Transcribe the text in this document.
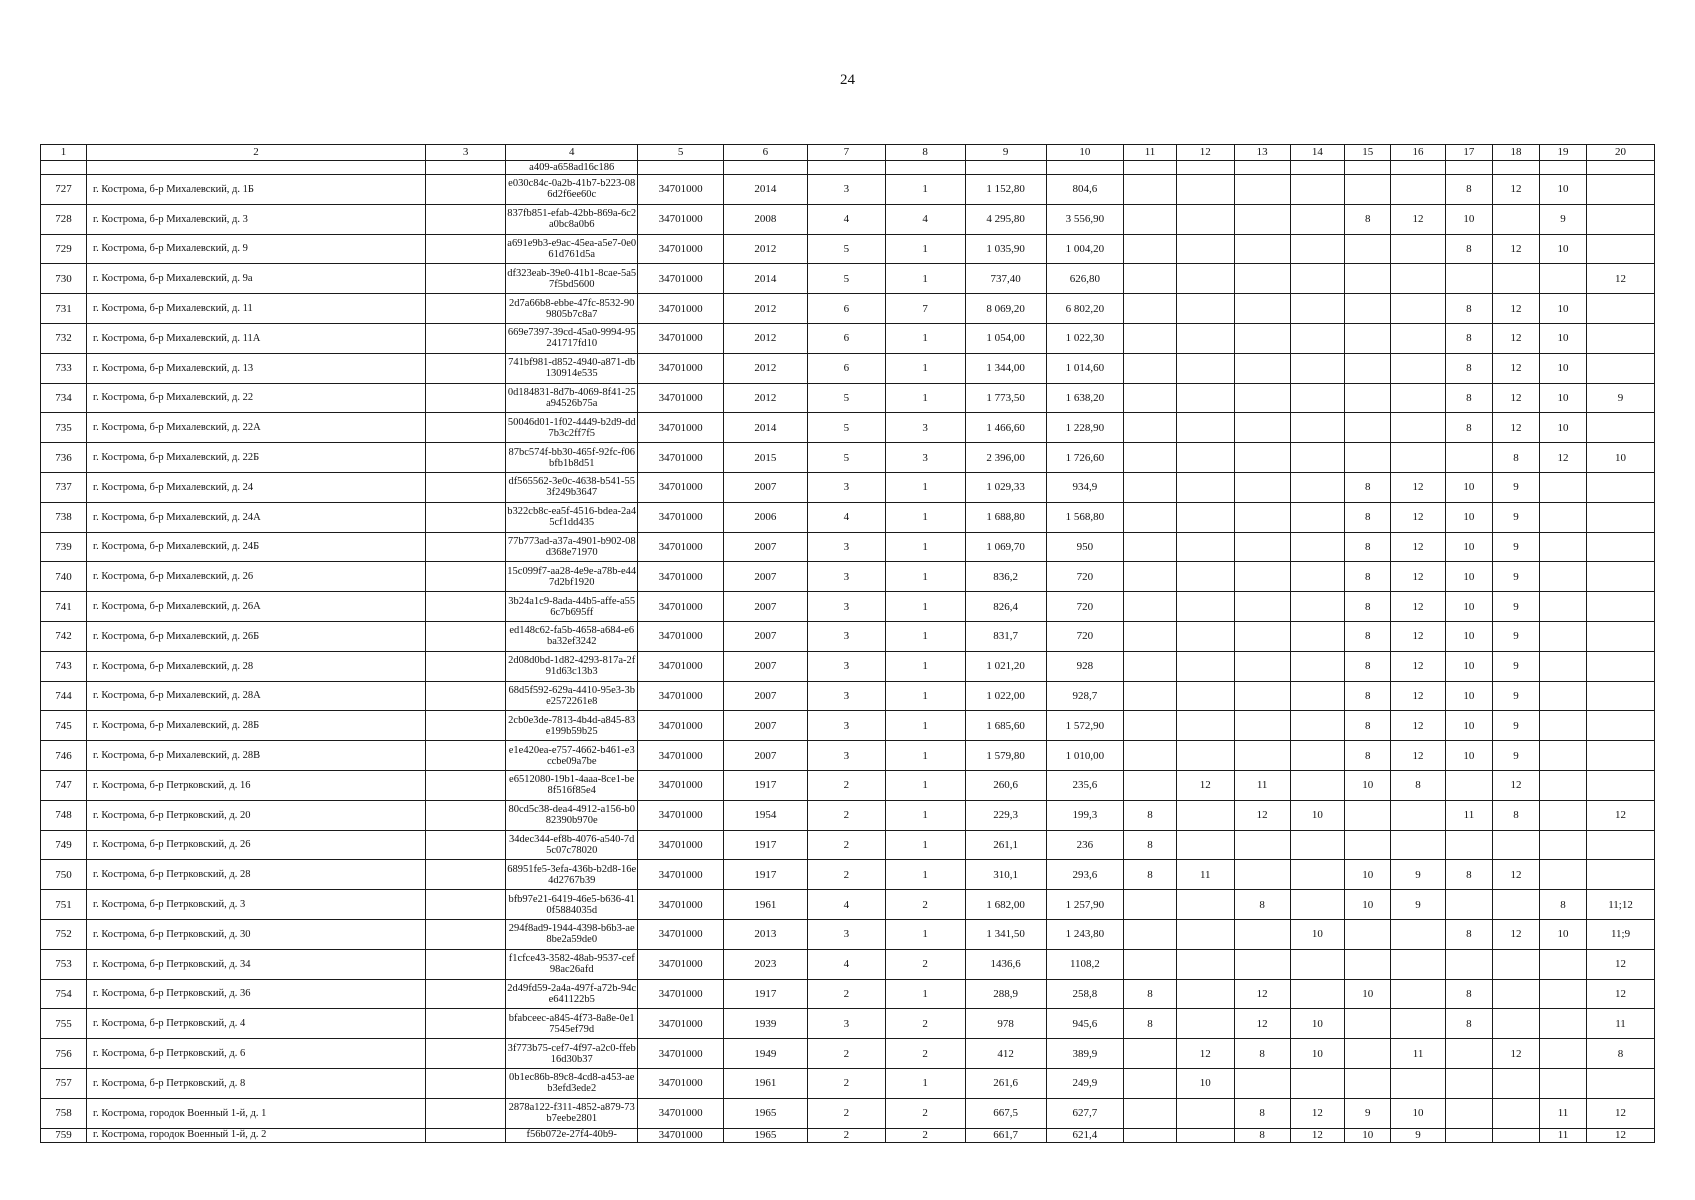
24
1	2	3	4	5	6	7	8	9	10	11	12	13	14	15	16	17	18	19	20
			a409-a658ad16c186																
727	г. Кострома, б-р Михалевский, д. 1Б		e030c84c-0a2b-41b7-b223-086d2f6ee60c	34701000	2014	3	1	1 152,80	804,6							8	12	10	
728	г. Кострома, б-р Михалевский, д. 3		837fb851-efab-42bb-869a-6c2a0bc8a0b6	34701000	2008	4	4	4 295,80	3 556,90					8	12	10		9	
729	г. Кострома, б-р Михалевский, д. 9		a691e9b3-e9ac-45ea-a5e7-0e061d761d5a	34701000	2012	5	1	1 035,90	1 004,20							8	12	10	
730	г. Кострома, б-р Михалевский, д. 9а		df323eab-39e0-41b1-8cae-5a57f5bd5600	34701000	2014	5	1	737,40	626,80										12
731	г. Кострома, б-р Михалевский, д. 11		2d7a66b8-ebbe-47fc-8532-909805b7c8a7	34701000	2012	6	7	8 069,20	6 802,20							8	12	10	
732	г. Кострома, б-р Михалевский, д. 11А		669e7397-39cd-45a0-9994-95241717fd10	34701000	2012	6	1	1 054,00	1 022,30							8	12	10	
733	г. Кострома, б-р Михалевский, д. 13		741bf981-d852-4940-a871-db130914e535	34701000	2012	6	1	1 344,00	1 014,60							8	12	10	
734	г. Кострома, б-р Михалевский, д. 22		0d184831-8d7b-4069-8f41-25a94526b75a	34701000	2012	5	1	1 773,50	1 638,20							8	12	10	9
735	г. Кострома, б-р Михалевский, д. 22А		50046d01-1f02-4449-b2d9-dd7b3c2ff7f5	34701000	2014	5	3	1 466,60	1 228,90							8	12	10	
736	г. Кострома, б-р Михалевский, д. 22Б		87bc574f-bb30-465f-92fc-f06bfb1b8d51	34701000	2015	5	3	2 396,00	1 726,60								8	12	10
737	г. Кострома, б-р Михалевский, д. 24		df565562-3e0c-4638-b541-553f249b3647	34701000	2007	3	1	1 029,33	934,9					8	12	10	9		
738	г. Кострома, б-р Михалевский, д. 24А		b322cb8c-ea5f-4516-bdea-2a45cf1dd435	34701000	2006	4	1	1 688,80	1 568,80					8	12	10	9		
739	г. Кострома, б-р Михалевский, д. 24Б		77b773ad-a37a-4901-b902-08d368e71970	34701000	2007	3	1	1 069,70	950					8	12	10	9		
740	г. Кострома, б-р Михалевский, д. 26		15c099f7-aa28-4e9e-a78b-e447d2bf1920	34701000	2007	3	1	836,2	720					8	12	10	9		
741	г. Кострома, б-р Михалевский, д. 26А		3b24a1c9-8ada-44b5-affe-a556c7b695ff	34701000	2007	3	1	826,4	720					8	12	10	9		
742	г. Кострома, б-р Михалевский, д. 26Б		ed148c62-fa5b-4658-a684-e6ba32ef3242	34701000	2007	3	1	831,7	720					8	12	10	9		
743	г. Кострома, б-р Михалевский, д. 28		2d08d0bd-1d82-4293-817a-2f91d63c13b3	34701000	2007	3	1	1 021,20	928					8	12	10	9		
744	г. Кострома, б-р Михалевский, д. 28А		68d5f592-629a-4410-95e3-3be2572261e8	34701000	2007	3	1	1 022,00	928,7					8	12	10	9		
745	г. Кострома, б-р Михалевский, д. 28Б		2cb0e3de-7813-4b4d-a845-83e199b59b25	34701000	2007	3	1	1 685,60	1 572,90					8	12	10	9		
746	г. Кострома, б-р Михалевский, д. 28В		e1e420ea-e757-4662-b461-e3ccbe09a7be	34701000	2007	3	1	1 579,80	1 010,00					8	12	10	9		
747	г. Кострома, б-р Петрковский, д. 16		e6512080-19b1-4aaa-8ce1-be8f516f85e4	34701000	1917	2	1	260,6	235,6		12	11		10	8		12		
748	г. Кострома, б-р Петрковский, д. 20		80cd5c38-dea4-4912-a156-b082390b970e	34701000	1954	2	1	229,3	199,3	8		12	10			11	8		12
749	г. Кострома, б-р Петрковский, д. 26		34dec344-ef8b-4076-a540-7d5c07c78020	34701000	1917	2	1	261,1	236	8									
750	г. Кострома, б-р Петрковский, д. 28		68951fe5-3efa-436b-b2d8-16e4d2767b39	34701000	1917	2	1	310,1	293,6	8	11			10	9	8	12		
751	г. Кострома, б-р Петрковский, д. 3		bfb97e21-6419-46e5-b636-410f5884035d	34701000	1961	4	2	1 682,00	1 257,90			8		10	9			8	11;12
752	г. Кострома, б-р Петрковский, д. 30		294f8ad9-1944-4398-b6b3-ae8be2a59de0	34701000	2013	3	1	1 341,50	1 243,80				10			8	12	10	11;9
753	г. Кострома, б-р Петрковский, д. 34		f1cfce43-3582-48ab-9537-cef98ac26afd	34701000	2023	4	2	1436,6	1108,2										12
754	г. Кострома, б-р Петрковский, д. 36		2d49fd59-2a4a-497f-a72b-94ce641122b5	34701000	1917	2	1	288,9	258,8	8		12		10		8			12
755	г. Кострома, б-р Петрковский, д. 4		bfabceec-a845-4f73-8a8e-0e17545ef79d	34701000	1939	3	2	978	945,6	8		12	10			8			11
756	г. Кострома, б-р Петрковский, д. 6		3f773b75-cef7-4f97-a2c0-ffeb16d30b37	34701000	1949	2	2	412	389,9		12	8	10		11		12		8
757	г. Кострома, б-р Петрковский, д. 8		0b1ec86b-89c8-4cd8-a453-aeb3efd3ede2	34701000	1961	2	1	261,6	249,9		10								
758	г. Кострома, городок Военный 1-й, д. 1		2878a122-f311-4852-a879-73b7eebe2801	34701000	1965	2	2	667,5	627,7			8	12	9	10			11	12
759	г. Кострома, городок Военный 1-й, д. 2		f56b072e-27f4-40b9-	34701000	1965	2	2	661,7	621,4			8	12	10	9			11	12
